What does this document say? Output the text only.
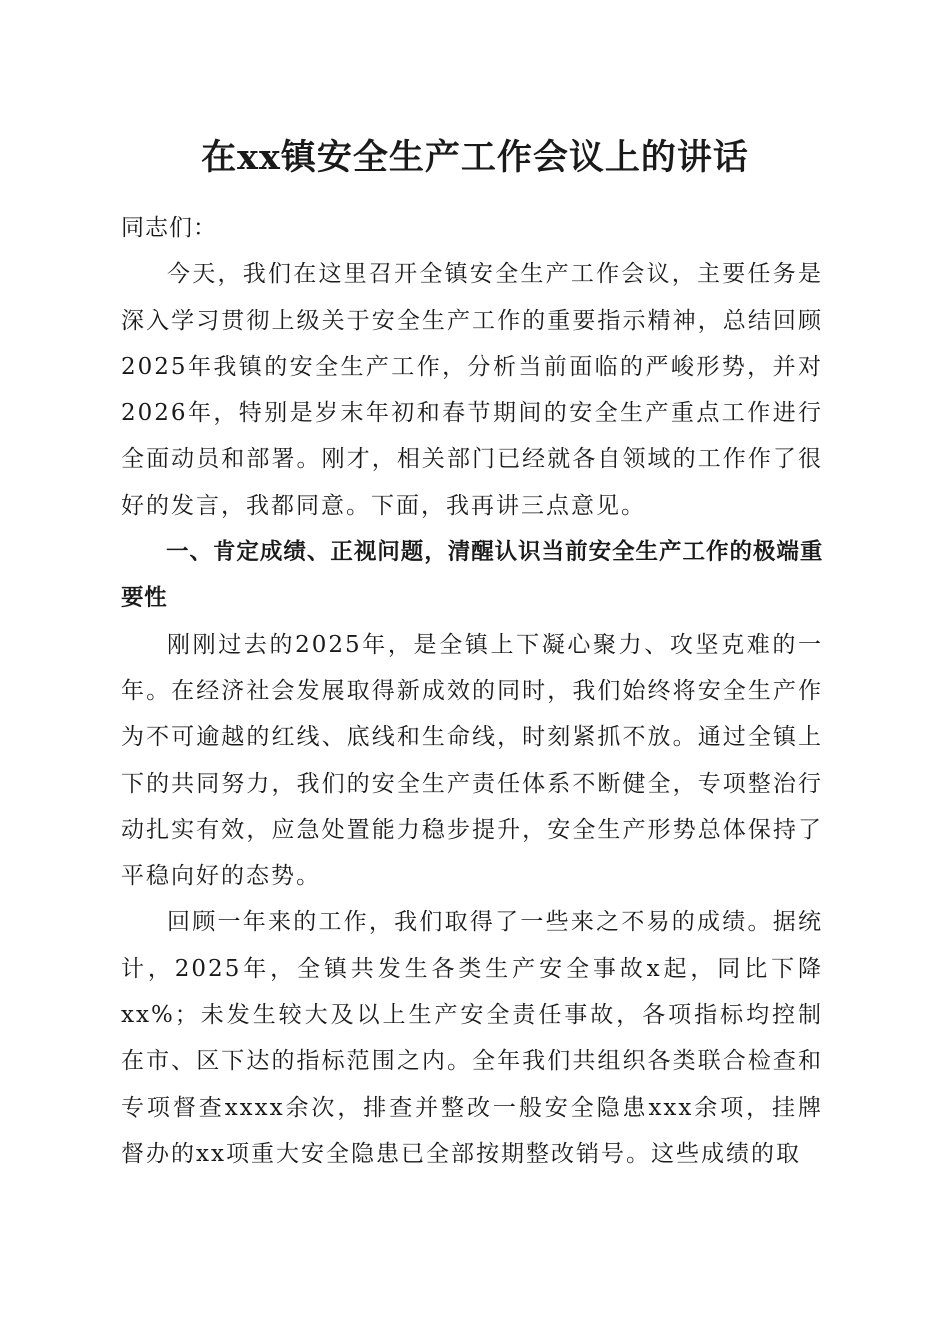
在xx镇安全生产工作会议上的讲话

同志们：

今天，我们在这里召开全镇安全生产工作会议，主要任务是深入学习贯彻上级关于安全生产工作的重要指示精神，总结回顾2025年我镇的安全生产工作，分析当前面临的严峻形势，并对2026年，特别是岁末年初和春节期间的安全生产重点工作进行全面动员和部署。刚才，相关部门已经就各自领域的工作作了很好的发言，我都同意。下面，我再讲三点意见。

一、肯定成绩、正视问题，清醒认识当前安全生产工作的极端重要性

刚刚过去的2025年，是全镇上下凝心聚力、攻坚克难的一年。在经济社会发展取得新成效的同时，我们始终将安全生产作为不可逾越的红线、底线和生命线，时刻紧抓不放。通过全镇上下的共同努力，我们的安全生产责任体系不断健全，专项整治行动扎实有效，应急处置能力稳步提升，安全生产形势总体保持了平稳向好的态势。

回顾一年来的工作，我们取得了一些来之不易的成绩。据统计，2025年，全镇共发生各类生产安全事故x起，同比下降xx%；未发生较大及以上生产安全责任事故，各项指标均控制在市、区下达的指标范围之内。全年我们共组织各类联合检查和专项督查xxxx余次，排查并整改一般安全隐患xxx余项，挂牌督办的xx项重大安全隐患已全部按期整改销号。这些成绩的取
